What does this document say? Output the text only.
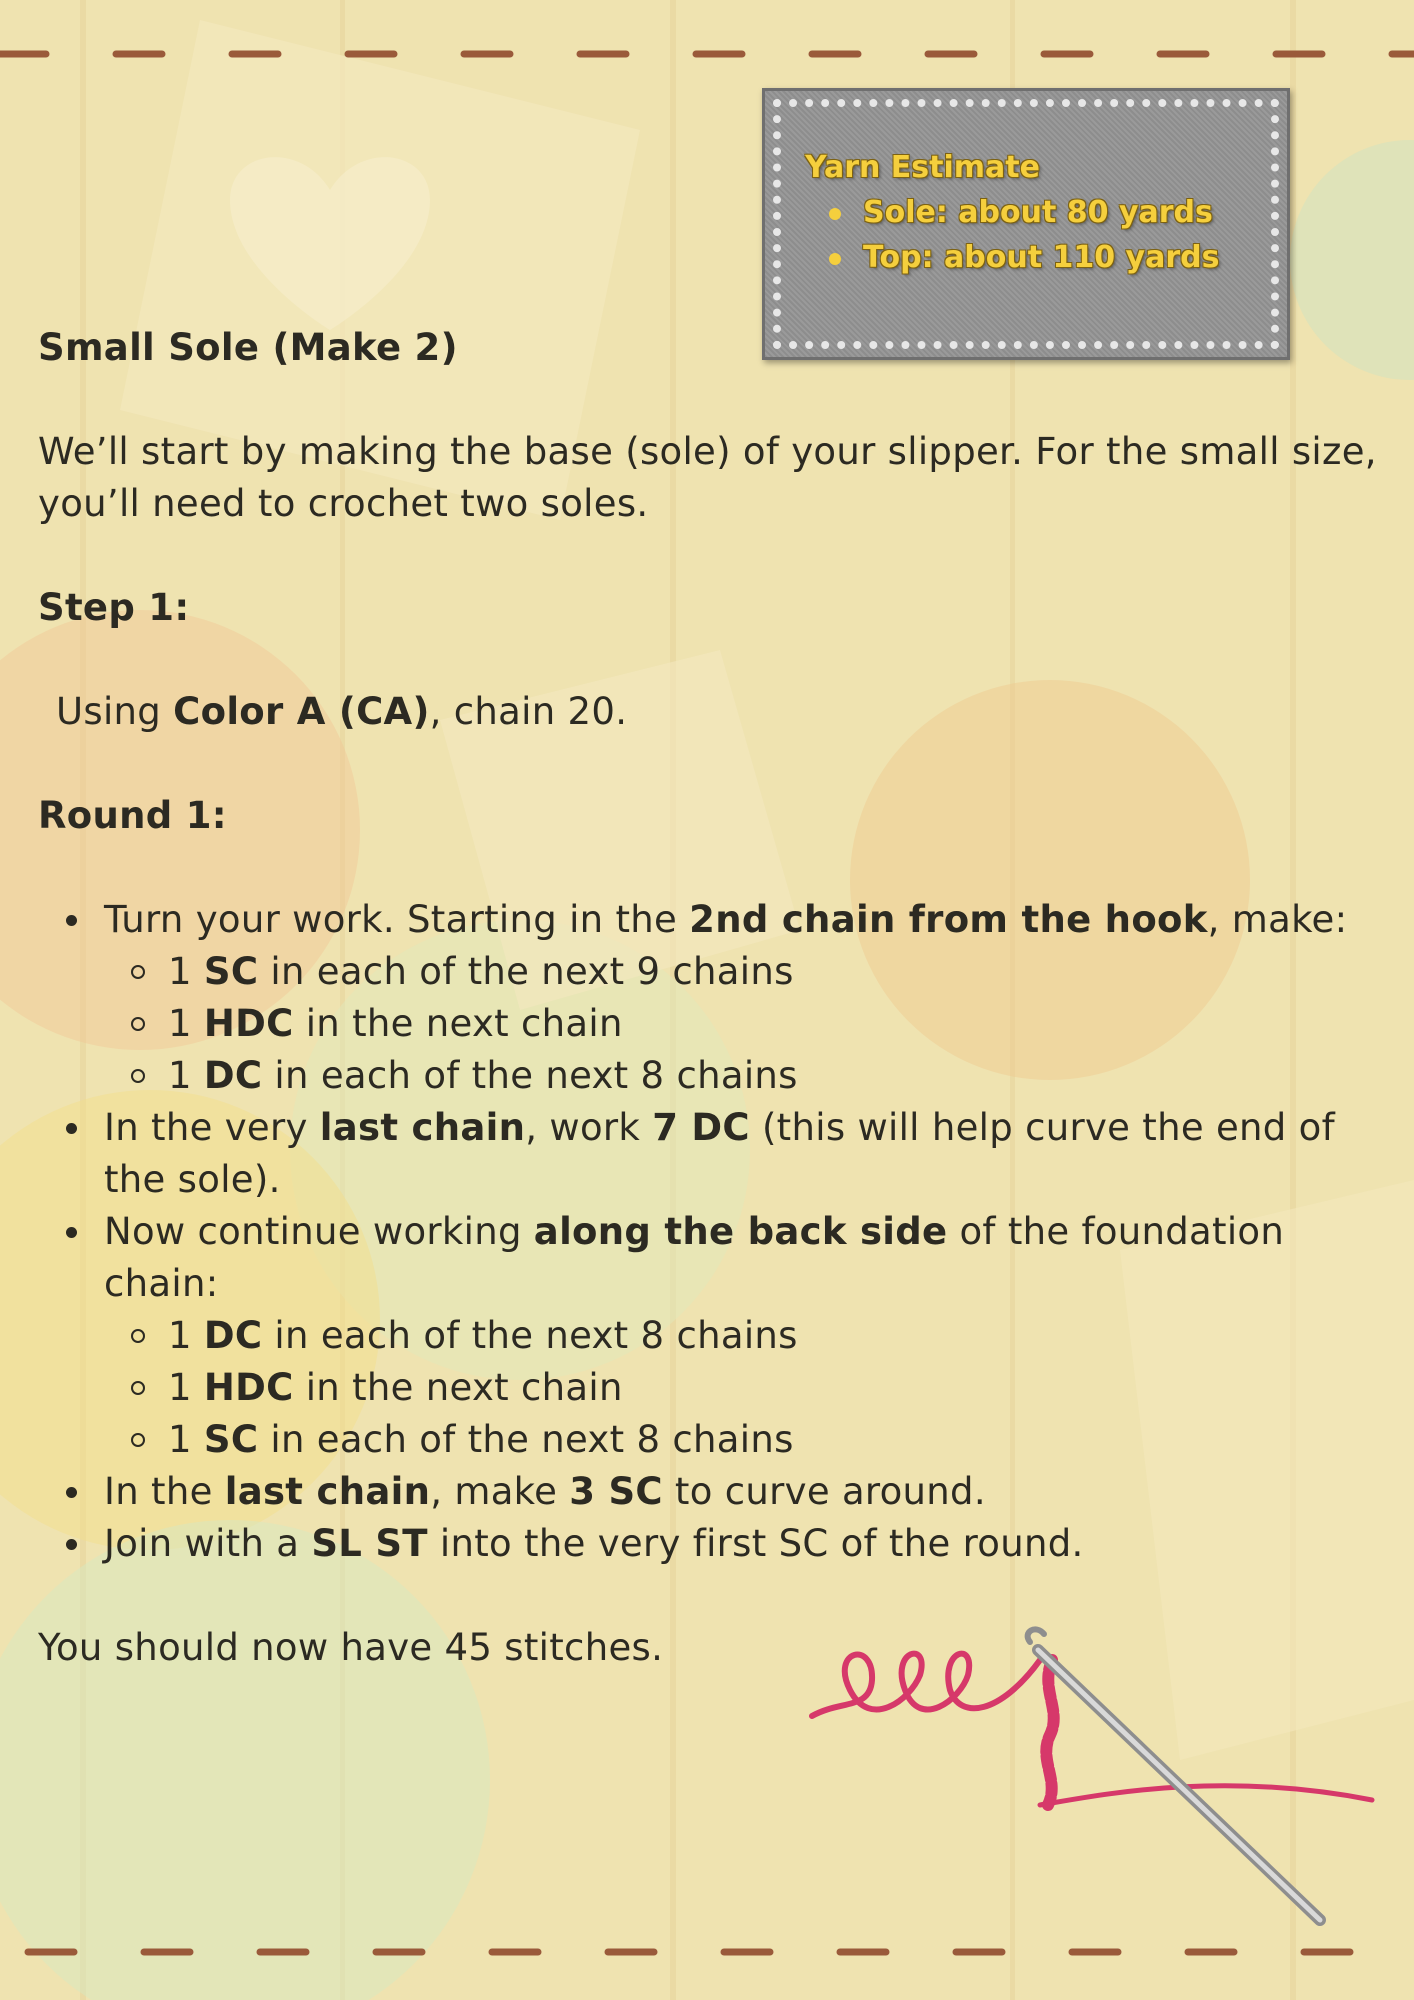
Yarn Estimate
Sole: about 80 yards
Top: about 110 yards

Small Sole (Make 2)

We’ll start by making the base (sole) of your slipper. For the small size, you’ll need to crochet two soles.

Step 1:

Using Color A (CA), chain 20.

Round 1:

Turn your work. Starting in the 2nd chain from the hook, make:
1 SC in each of the next 9 chains
1 HDC in the next chain
1 DC in each of the next 8 chains
In the very last chain, work 7 DC (this will help curve the end of the sole).
Now continue working along the back side of the foundation chain:
1 DC in each of the next 8 chains
1 HDC in the next chain
1 SC in each of the next 8 chains
In the last chain, make 3 SC to curve around.
Join with a SL ST into the very first SC of the round.

You should now have 45 stitches.
